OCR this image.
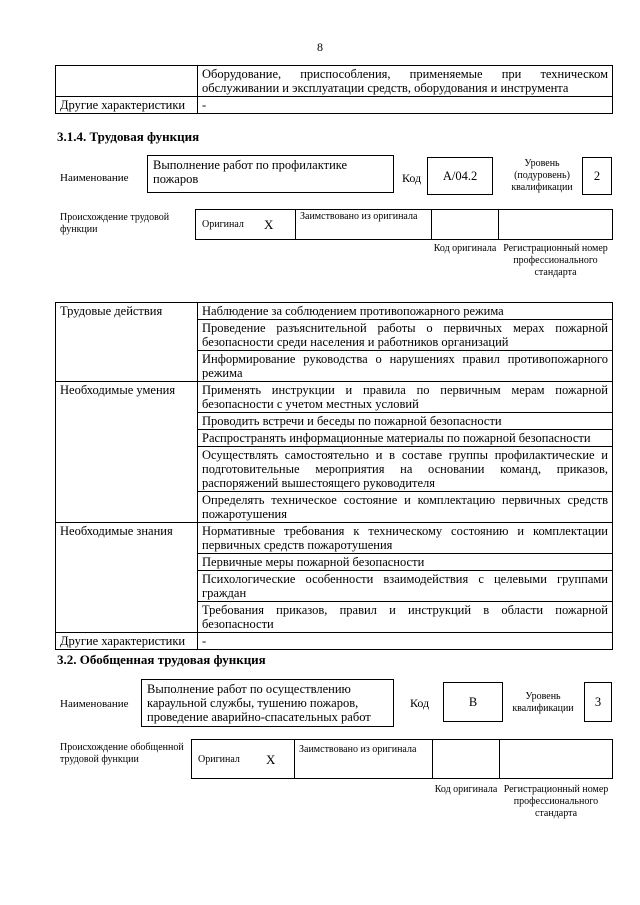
8
	Оборудование, приспособления, применяемые при техническом обслуживании и эксплуатации средств, оборудования и инструмента
Другие характеристики	-
3.1.4. Трудовая функция
Наименование
Выполнение работ по профилактике пожаров	Код A/04.2
Уровень (подуровень) квалификации
2
Происхождение трудовой функции	Оригинал X
Заимствовано из оригинала
Код оригинала Регистрационный номер профессионального стандарта
Трудовые действия	Наблюдение за соблюдением противопожарного режима
	Проведение разъяснительной работы о первичных мерах пожарной безопасности среди населения и работников организаций
	Информирование руководства о нарушениях правил противопожарного режима
Необходимые умения	Применять инструкции и правила по первичным мерам пожарной безопасности с учетом местных условий
	Проводить встречи и беседы по пожарной безопасности
	Распространять информационные материалы по пожарной безопасности
	Осуществлять самостоятельно и в составе группы профилактические и подготовительные мероприятия на основании команд, приказов, распоряжений вышестоящего руководителя
	Определять техническое состояние и комплектацию первичных средств пожаротушения
Необходимые знания	Нормативные требования к техническому состоянию и комплектации первичных средств пожаротушения
	Первичные меры пожарной безопасности
	Психологические особенности взаимодействия с целевыми группами граждан
	Требования приказов, правил и инструкций в области пожарной безопасности
Другие характеристики	-
3.2. Обобщенная трудовая функция
Наименование
Выполнение работ по осуществлению караульной службы, тушению пожаров, проведение аварийно-спасательных работ
Код	B	Уровень квалификации	3
Происхождение обобщенной трудовой функции	Оригинал X
Заимствовано из оригинала
Код оригинала Регистрационный номер профессионального стандарта
